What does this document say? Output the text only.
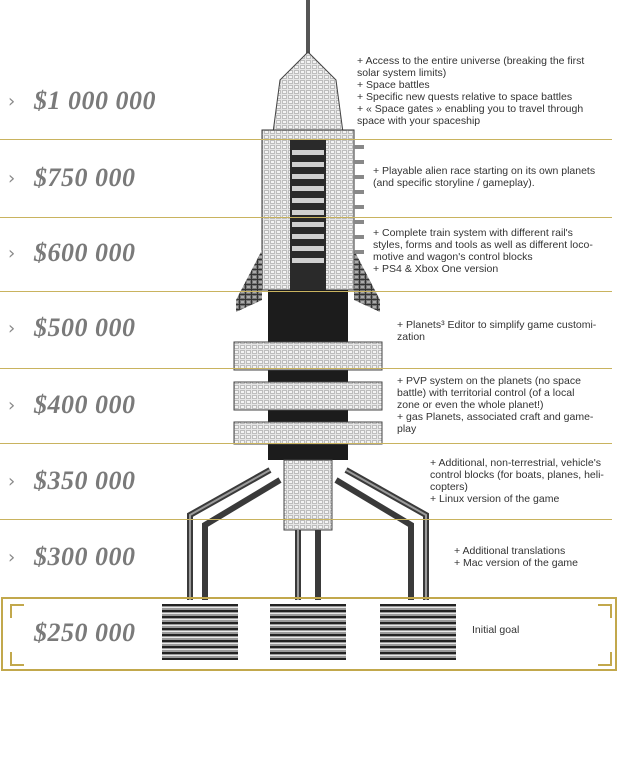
› $1 000 000
+ Access to the entire universe (breaking the first
solar system limits)
+ Space battles
+ Specific new quests relative to space battles
+ « Space gates » enabling you to travel through
space with your spaceship
› $750 000	+ Playable alien race starting on its own planets
(and specific storyline / gameplay).
› $600 000
+ Complete train system with different rail's
styles, forms and tools as well as different loco-
motive and wagon's control blocks
+ PS4 & Xbox One version
› $500 000	+ Planets³ Editor to simplify game customi-
zation
› $400 000
+ PVP system on the planets (no space
battle) with territorial control (of a local
zone or even the whole planet!)
+ gas Planets, associated craft and game-
play
› $350 000
+ Additional, non-terrestrial, vehicle's
control blocks (for boats, planes, heli-
copters)
+ Linux version of the game
› $300 000	+ Additional translations
+ Mac version of the game
$250 000	Initial goal
